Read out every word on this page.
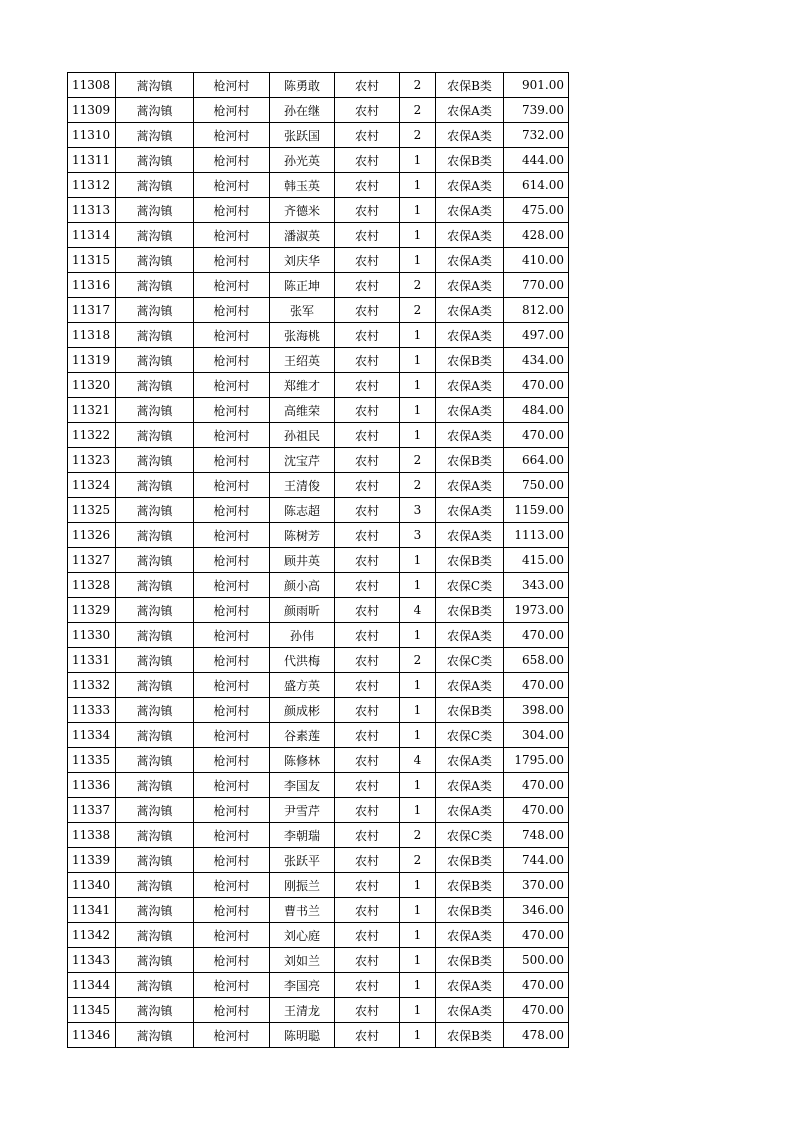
11308	蒿沟镇	枪河村	陈勇敢	农村	2	农保B类	901.00
11309	蒿沟镇	枪河村	孙在继	农村	2	农保A类	739.00
11310	蒿沟镇	枪河村	张跃国	农村	2	农保A类	732.00
11311	蒿沟镇	枪河村	孙光英	农村	1	农保B类	444.00
11312	蒿沟镇	枪河村	韩玉英	农村	1	农保A类	614.00
11313	蒿沟镇	枪河村	齐德米	农村	1	农保A类	475.00
11314	蒿沟镇	枪河村	潘淑英	农村	1	农保A类	428.00
11315	蒿沟镇	枪河村	刘庆华	农村	1	农保A类	410.00
11316	蒿沟镇	枪河村	陈正坤	农村	2	农保A类	770.00
11317	蒿沟镇	枪河村	张军	农村	2	农保A类	812.00
11318	蒿沟镇	枪河村	张海桃	农村	1	农保A类	497.00
11319	蒿沟镇	枪河村	王绍英	农村	1	农保B类	434.00
11320	蒿沟镇	枪河村	郑维才	农村	1	农保A类	470.00
11321	蒿沟镇	枪河村	高维荣	农村	1	农保A类	484.00
11322	蒿沟镇	枪河村	孙祖民	农村	1	农保A类	470.00
11323	蒿沟镇	枪河村	沈宝芹	农村	2	农保B类	664.00
11324	蒿沟镇	枪河村	王清俊	农村	2	农保A类	750.00
11325	蒿沟镇	枪河村	陈志超	农村	3	农保A类	1159.00
11326	蒿沟镇	枪河村	陈树芳	农村	3	农保A类	1113.00
11327	蒿沟镇	枪河村	顾井英	农村	1	农保B类	415.00
11328	蒿沟镇	枪河村	颜小高	农村	1	农保C类	343.00
11329	蒿沟镇	枪河村	颜雨昕	农村	4	农保B类	1973.00
11330	蒿沟镇	枪河村	孙伟	农村	1	农保A类	470.00
11331	蒿沟镇	枪河村	代洪梅	农村	2	农保C类	658.00
11332	蒿沟镇	枪河村	盛方英	农村	1	农保A类	470.00
11333	蒿沟镇	枪河村	颜成彬	农村	1	农保B类	398.00
11334	蒿沟镇	枪河村	谷素莲	农村	1	农保C类	304.00
11335	蒿沟镇	枪河村	陈修林	农村	4	农保A类	1795.00
11336	蒿沟镇	枪河村	李国友	农村	1	农保A类	470.00
11337	蒿沟镇	枪河村	尹雪芹	农村	1	农保A类	470.00
11338	蒿沟镇	枪河村	李朝瑞	农村	2	农保C类	748.00
11339	蒿沟镇	枪河村	张跃平	农村	2	农保B类	744.00
11340	蒿沟镇	枪河村	刚振兰	农村	1	农保B类	370.00
11341	蒿沟镇	枪河村	曹书兰	农村	1	农保B类	346.00
11342	蒿沟镇	枪河村	刘心庭	农村	1	农保A类	470.00
11343	蒿沟镇	枪河村	刘如兰	农村	1	农保B类	500.00
11344	蒿沟镇	枪河村	李国亮	农村	1	农保A类	470.00
11345	蒿沟镇	枪河村	王清龙	农村	1	农保A类	470.00
11346	蒿沟镇	枪河村	陈明聪	农村	1	农保B类	478.00
